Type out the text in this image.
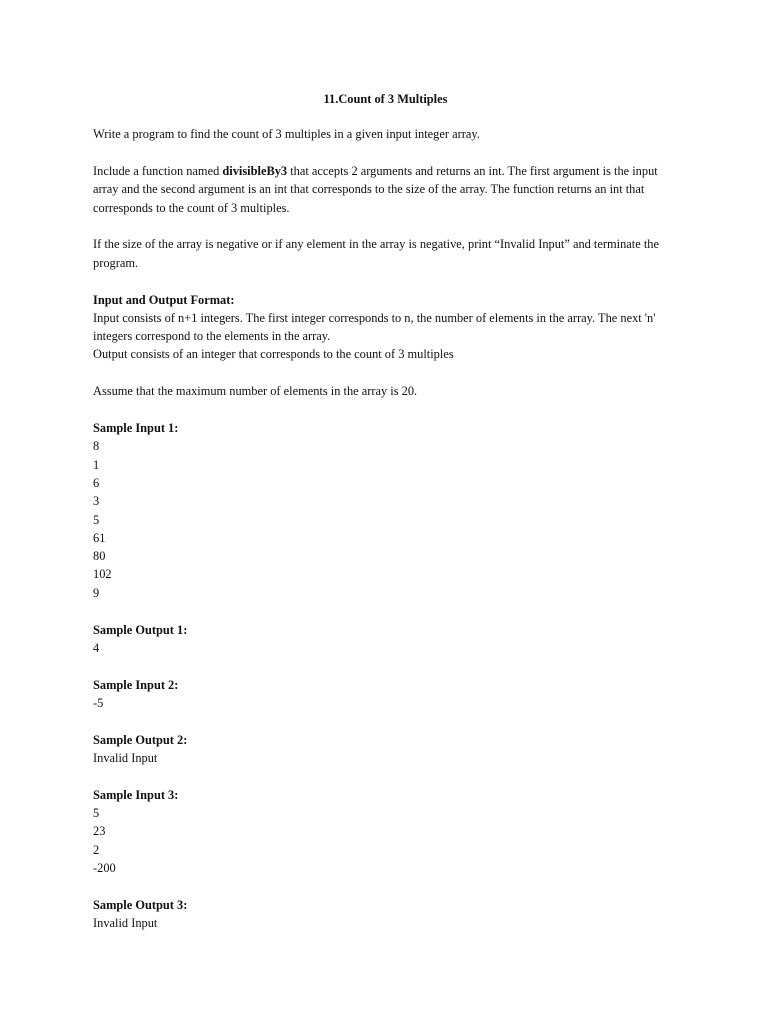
11.Count of 3 Multiples

Write a program to find the count of 3 multiples in a given input integer array.

Include a function named divisibleBy3 that accepts 2 arguments and returns an int. The first argument is the input array and the second argument is an int that corresponds to the size of the array. The function returns an int that corresponds to the count of 3 multiples.

If the size of the array is negative or if any element in the array is negative, print “Invalid Input” and terminate the program.

Input and Output Format:
Input consists of n+1 integers. The first integer corresponds to n, the number of elements in the array. The next 'n' integers correspond to the elements in the array.
Output consists of an integer that corresponds to the count of 3 multiples

Assume that the maximum number of elements in the array is 20.

Sample Input 1:
8
1
6
3
5
61
80
102
9
Sample Output 1:
4
Sample Input 2:
-5
Sample Output 2:
Invalid Input
Sample Input 3:
5
23
2
-200
Sample Output 3:
Invalid Input
